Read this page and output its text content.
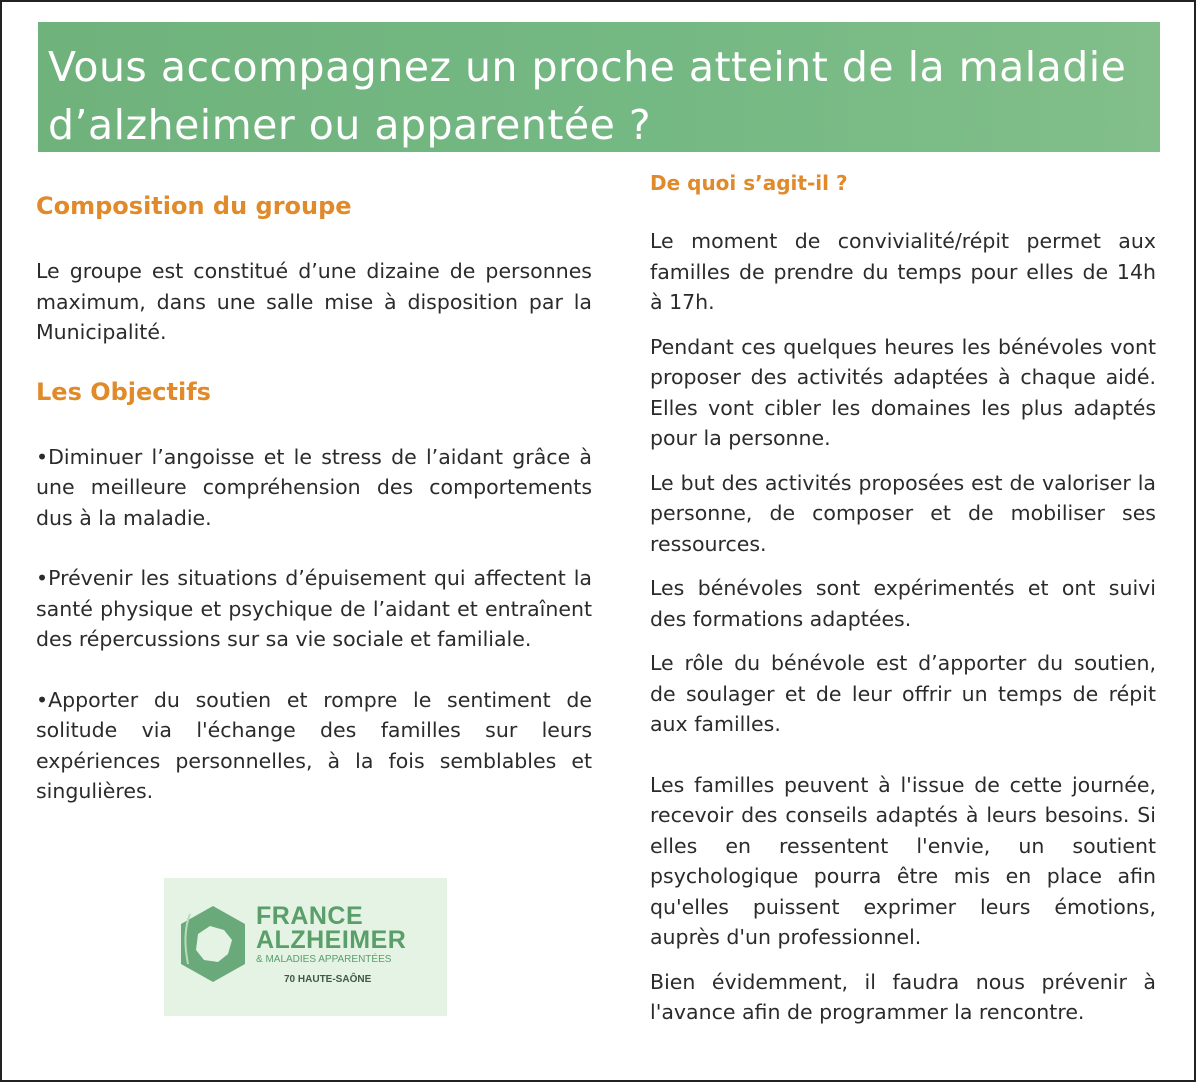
Vous accompagnez un proche atteint de la maladie
d’alzheimer ou apparentée ?
Composition du groupe

Le groupe est constitué d’une dizaine de personnes maximum, dans une salle mise à disposition par la Municipalité.

Les Objectifs

•Diminuer l’angoisse et le stress de l’aidant grâce à une meilleure compréhension des comportements dus à la maladie.

•Prévenir les situations d’épuisement qui affectent la santé physique et psychique de l’aidant et entraînent des répercussions sur sa vie sociale et familiale.

•Apporter du soutien et rompre le sentiment de solitude via l'échange des familles sur leurs expériences personnelles, à la fois semblables et singulières.

De quoi s’agit-il ?

Le moment de convivialité/répit permet aux familles de prendre du temps pour elles de 14h à 17h.

Pendant ces quelques heures les bénévoles vont proposer des activités adaptées à chaque aidé. Elles vont cibler les domaines les plus adaptés pour la personne.

Le but des activités proposées est de valoriser la personne, de composer et de mobiliser ses ressources.

Les bénévoles sont expérimentés et ont suivi des formations adaptées.

Le rôle du bénévole est d’apporter du soutien, de soulager et de leur offrir un temps de répit aux familles.

Les familles peuvent à l'issue de cette journée, recevoir des conseils adaptés à leurs besoins. Si elles en ressentent l'envie, un soutient psychologique pourra être mis en place afin qu'elles puissent exprimer leurs émotions, auprès d'un professionnel.

Bien évidemment, il faudra nous prévenir à l'avance afin de programmer la rencontre.

FRANCE
ALZHEIMER
& MALADIES APPARENTÉES
70 HAUTE-SAÔNE
